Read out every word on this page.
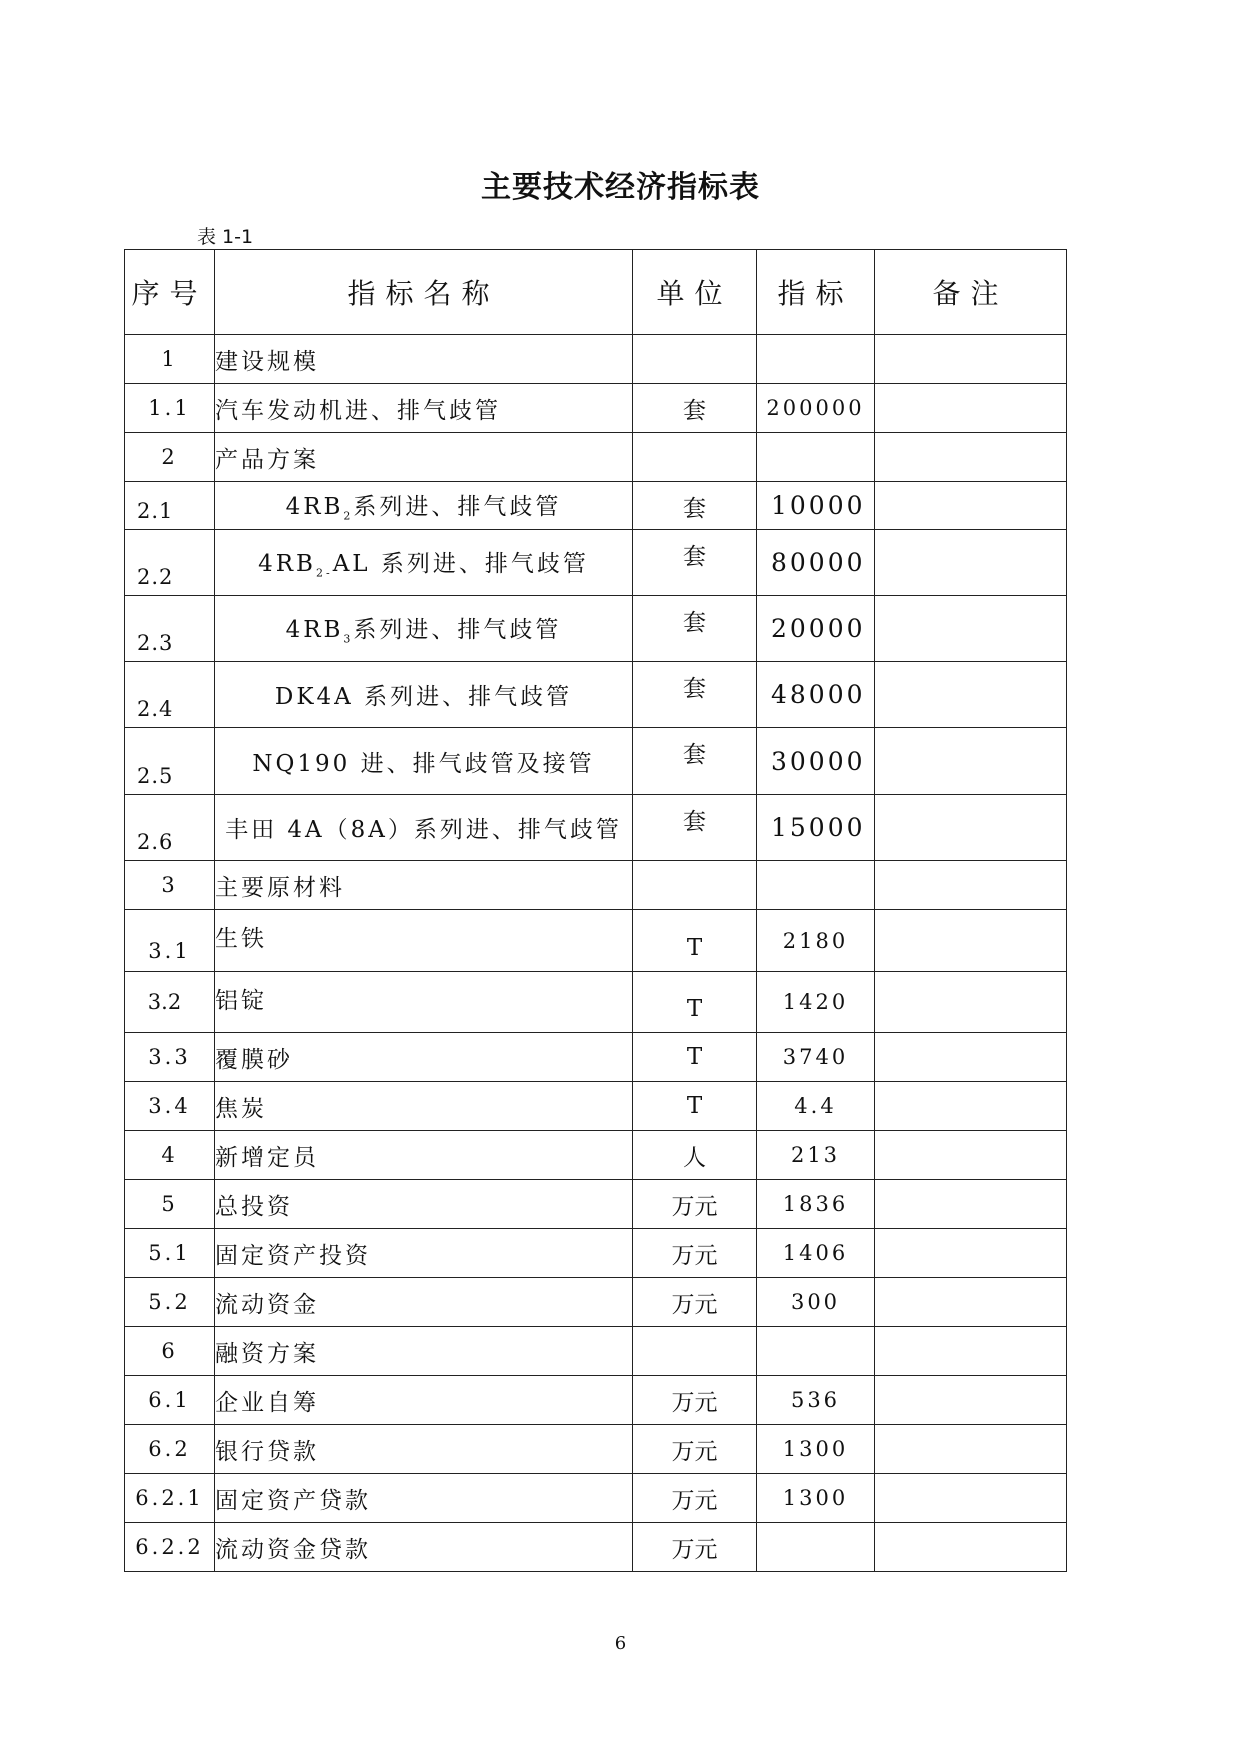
主要技术经济指标表
表 1-1
序号	指标名称	单位	指标	备注
1	建设规模			
1.1	汽车发动机进、排气歧管	套	200000	
2	产品方案			
2.1	$4RB_2$系列进、排气歧管	套	10000	
2.2	$4RB_{2-}AL$ 系列进、排气歧管	套	80000	
2.3	$4RB_3$系列进、排气歧管	套	20000	
2.4	DK4A 系列进、排气歧管	套	48000	
2.5	NQ190 进、排气歧管及接管	套	30000	
2.6	丰田 4A（8A）系列进、排气歧管	套	15000	
3	主要原材料			
3.1	生铁	T	2180	
3.2	铝锭	T	1420	
3.3	覆膜砂	T	3740	
3.4	焦炭	T	4.4	
4	新增定员	人	213	
5	总投资	万元	1836	
5.1	固定资产投资	万元	1406	
5.2	流动资金	万元	300	
6	融资方案			
6.1	企业自筹	万元	536	
6.2	银行贷款	万元	1300	
6.2.1	固定资产贷款	万元	1300	
6.2.2	流动资金贷款	万元		
6
